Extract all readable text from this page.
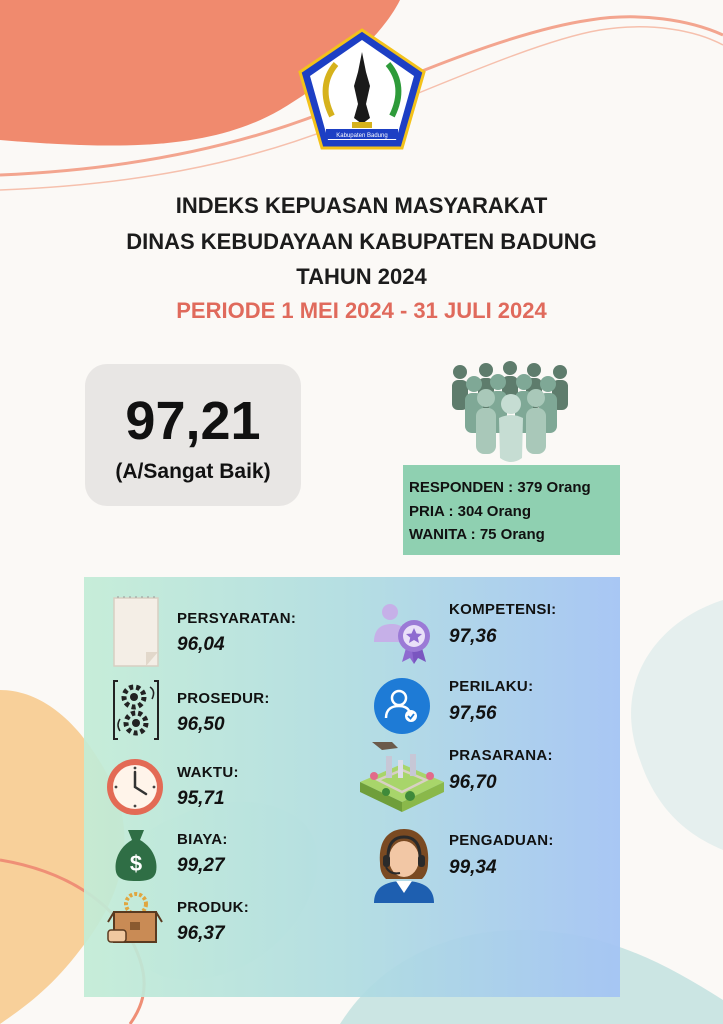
Kabupaten Badung
INDEKS KEPUASAN MASYARAKAT
DINAS KEBUDAYAAN KABUPATEN BADUNG
TAHUN 2024
PERIODE 1 MEI 2024 - 31 JULI 2024
97,21
(A/Sangat Baik)
RESPONDEN : 379 Orang
PRIA : 304 Orang
WANITA : 75 Orang
PERSYARATAN:
96,04
PROSEDUR:
96,50
WAKTU:
95,71
$
BIAYA:
99,27
PRODUK:
96,37
KOMPETENSI:
97,36
PERILAKU:
97,56
PRASARANA:
96,70
PENGADUAN:
99,34
